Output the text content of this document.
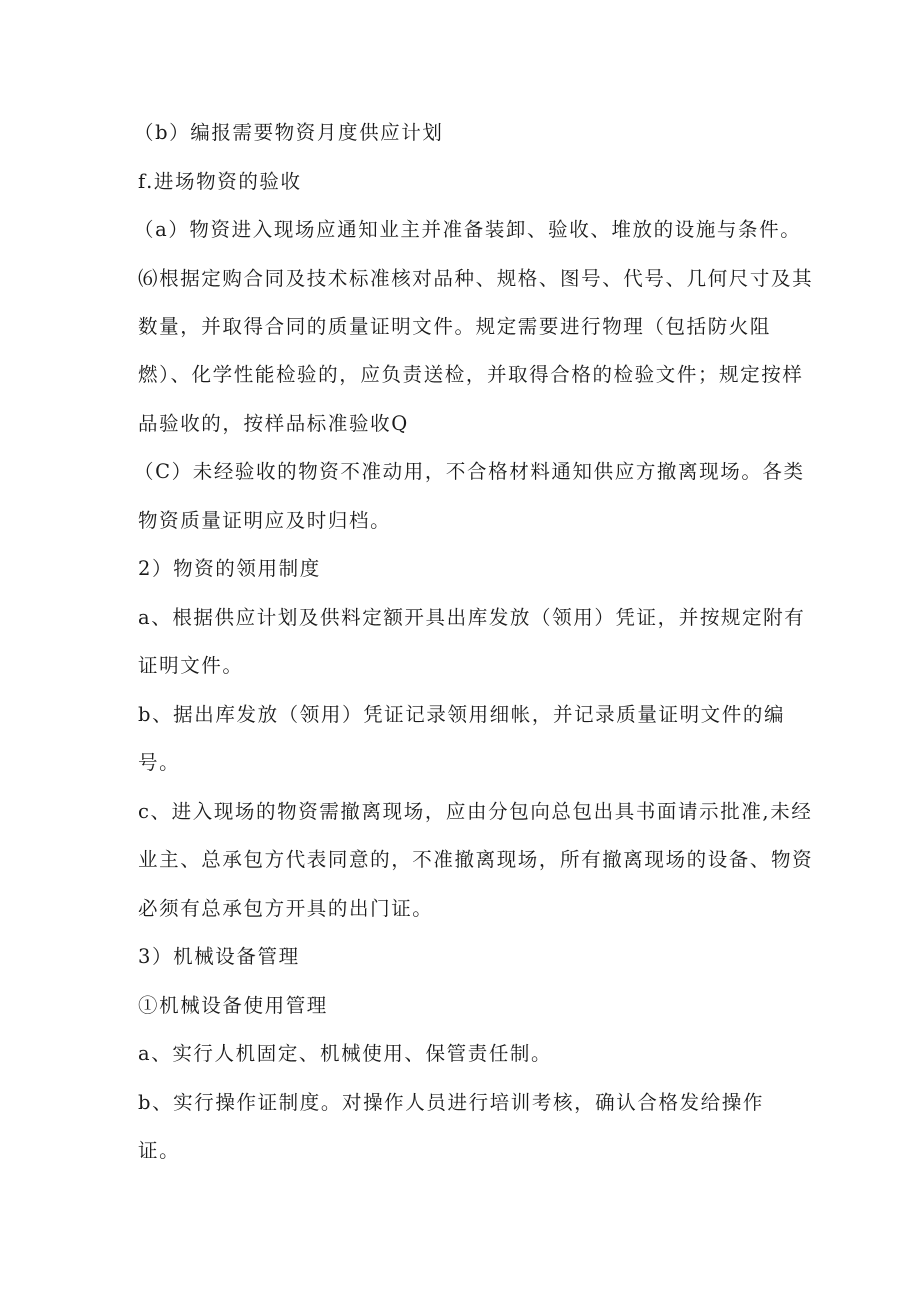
（b）编报需要物资月度供应计划
f.进场物资的验收
（a）物资进入现场应通知业主并准备装卸、验收、堆放的设施与条件。
⑹根据定购合同及技术标准核对品种、规格、图号、代号、几何尺寸及其
数量，并取得合同的质量证明文件。规定需要进行物理（包括防火阻
燃）、化学性能检验的，应负责送检，并取得合格的检验文件；规定按样
品验收的，按样品标准验收Q
（C）未经验收的物资不准动用，不合格材料通知供应方撤离现场。各类
物资质量证明应及时归档。
2）物资的领用制度
a、根据供应计划及供料定额开具出库发放（领用）凭证，并按规定附有
证明文件。
b、据出库发放（领用）凭证记录领用细帐，并记录质量证明文件的编
号。
c、进入现场的物资需撤离现场，应由分包向总包出具书面请示批准,未经
业主、总承包方代表同意的，不准撤离现场，所有撤离现场的设备、物资
必须有总承包方开具的出门证。
3）机械设备管理
①机械设备使用管理
a、实行人机固定、机械使用、保管责任制。
b、实行操作证制度。对操作人员进行培训考核，确认合格发给操作
证。
